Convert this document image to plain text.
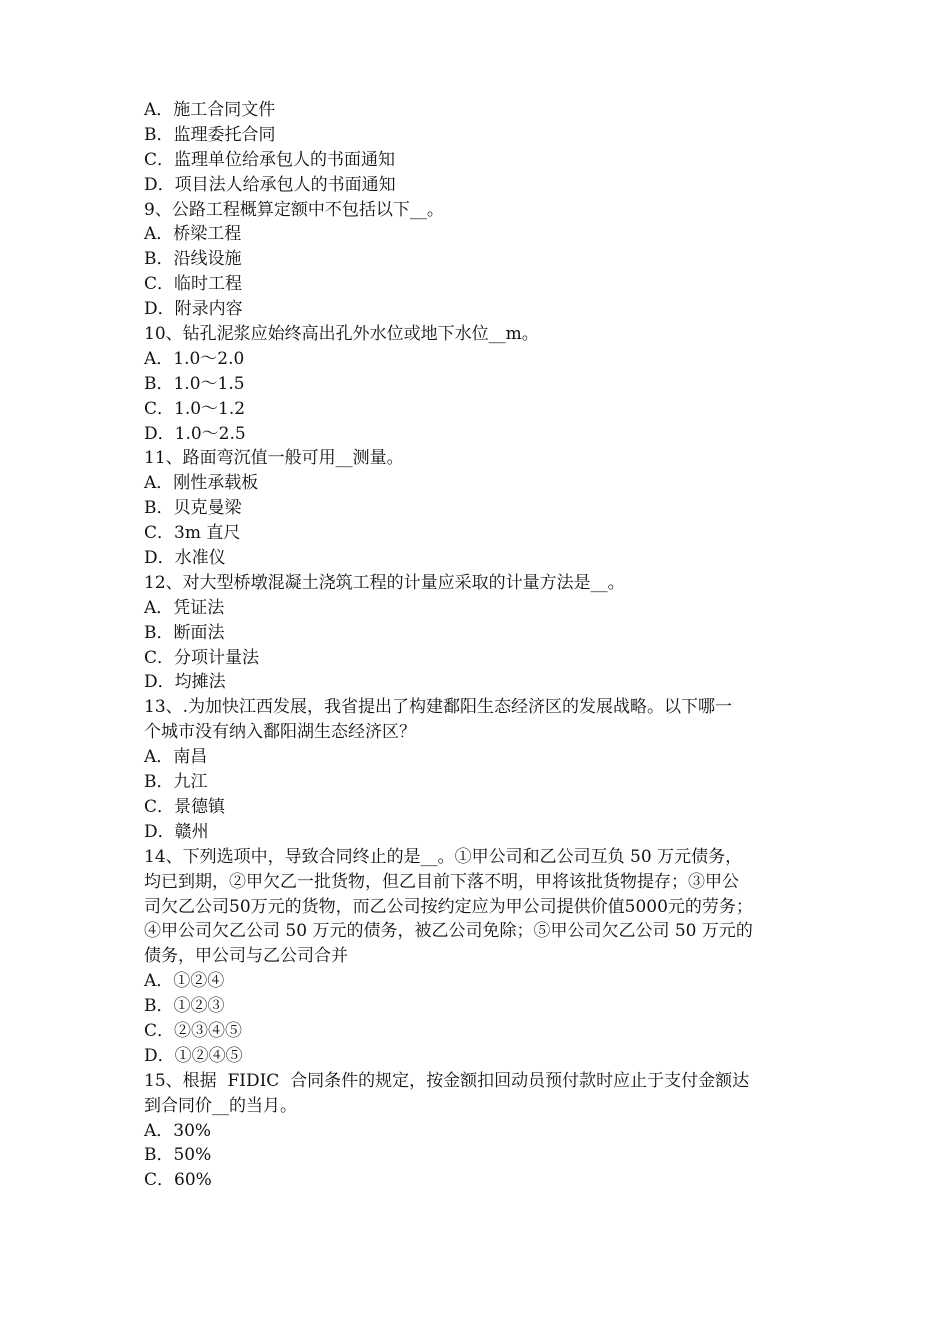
A．施工合同文件
B．监理委托合同
C．监理单位给承包人的书面通知
D．项目法人给承包人的书面通知
9、公路工程概算定额中不包括以下__。
A．桥梁工程
B．沿线设施
C．临时工程
D．附录内容
10、钻孔泥浆应始终高出孔外水位或地下水位__m。
A．1.0～2.0
B．1.0～1.5
C．1.0～1.2
D．1.0～2.5
11、路面弯沉值一般可用__测量。
A．刚性承载板
B．贝克曼梁
C．3m 直尺
D．水准仪
12、对大型桥墩混凝土浇筑工程的计量应采取的计量方法是__。
A．凭证法
B．断面法
C．分项计量法
D．均摊法
13、.为加快江西发展，我省提出了构建鄱阳生态经济区的发展战略。以下哪一
个城市没有纳入鄱阳湖生态经济区？
A．南昌
B．九江
C．景德镇
D．赣州
14、下列选项中，导致合同终止的是__。①甲公司和乙公司互负 50 万元债务，
均已到期，②甲欠乙一批货物，但乙目前下落不明，甲将该批货物提存；③甲公
司欠乙公司50万元的货物，而乙公司按约定应为甲公司提供价值5000元的劳务；
④甲公司欠乙公司 50 万元的债务，被乙公司免除；⑤甲公司欠乙公司 50 万元的
债务，甲公司与乙公司合并
A．①②④
B．①②③
C．②③④⑤
D．①②④⑤
15、根据  FIDIC  合同条件的规定，按金额扣回动员预付款时应止于支付金额达
到合同价__的当月。
A．30%
B．50%
C．60%
